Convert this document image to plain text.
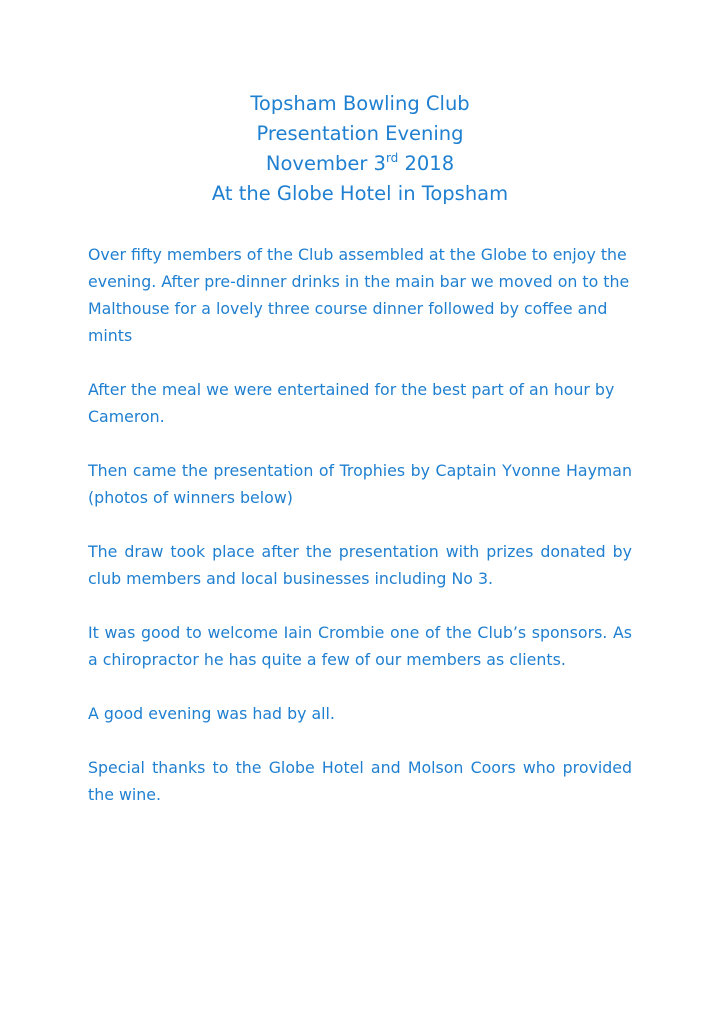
Topsham Bowling Club
Presentation Evening
November 3rd 2018
At the Globe Hotel in Topsham

Over fifty members of the Club assembled at the Globe to enjoy the evening. After pre-dinner drinks in the main bar we moved on to the Malthouse for a lovely three course dinner followed by coffee and mints

After the meal we were entertained for the best part of an hour by Cameron.

Then came the presentation of Trophies by Captain Yvonne Hayman (photos of winners below)

The draw took place after the presentation with prizes donated by club members and local businesses including No 3.

It was good to welcome Iain Crombie one of the Club’s sponsors. As a chiropractor he has quite a few of our members as clients.

A good evening was had by all.

Special thanks to the Globe Hotel and Molson Coors who provided the wine.
